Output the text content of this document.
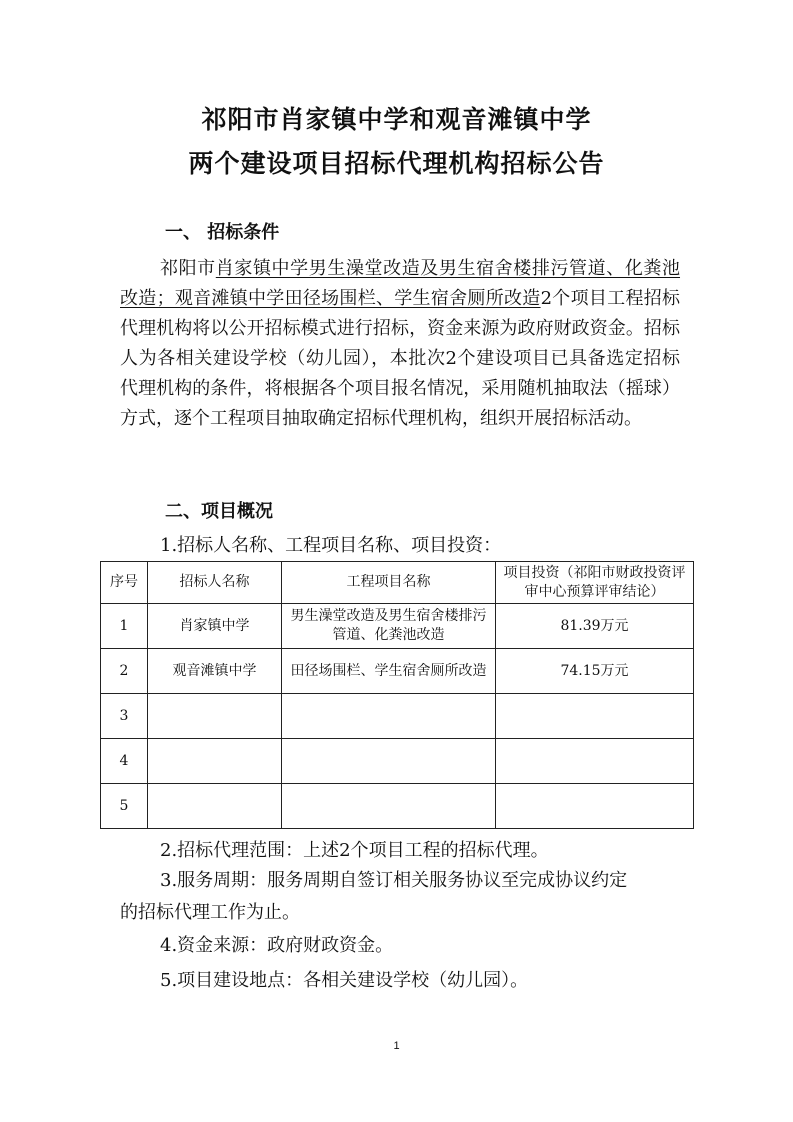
祁阳市肖家镇中学和观音滩镇中学
两个建设项目招标代理机构招标公告
一、 招标条件
祁阳市肖家镇中学男生澡堂改造及男生宿舍楼排污管道、化粪池改造；观音滩镇中学田径场围栏、学生宿舍厕所改造2个项目工程招标代理机构将以公开招标模式进行招标，资金来源为政府财政资金。招标人为各相关建设学校（幼儿园），本批次2个建设项目已具备选定招标代理机构的条件，将根据各个项目报名情况，采用随机抽取法（摇球）方式，逐个工程项目抽取确定招标代理机构，组织开展招标活动。
二、项目概况
1.招标人名称、工程项目名称、项目投资：
序号	招标人名称	工程项目名称	项目投资（祁阳市财政投资评审中心预算评审结论）
1	肖家镇中学	男生澡堂改造及男生宿舍楼排污管道、化粪池改造	81.39万元
2	观音滩镇中学	田径场围栏、学生宿舍厕所改造	74.15万元
3			
4			
5			
2.招标代理范围：上述2个项目工程的招标代理。
3.服务周期：服务周期自签订相关服务协议至完成协议约定
的招标代理工作为止。
4.资金来源：政府财政资金。
5.项目建设地点：各相关建设学校（幼儿园）。
1
